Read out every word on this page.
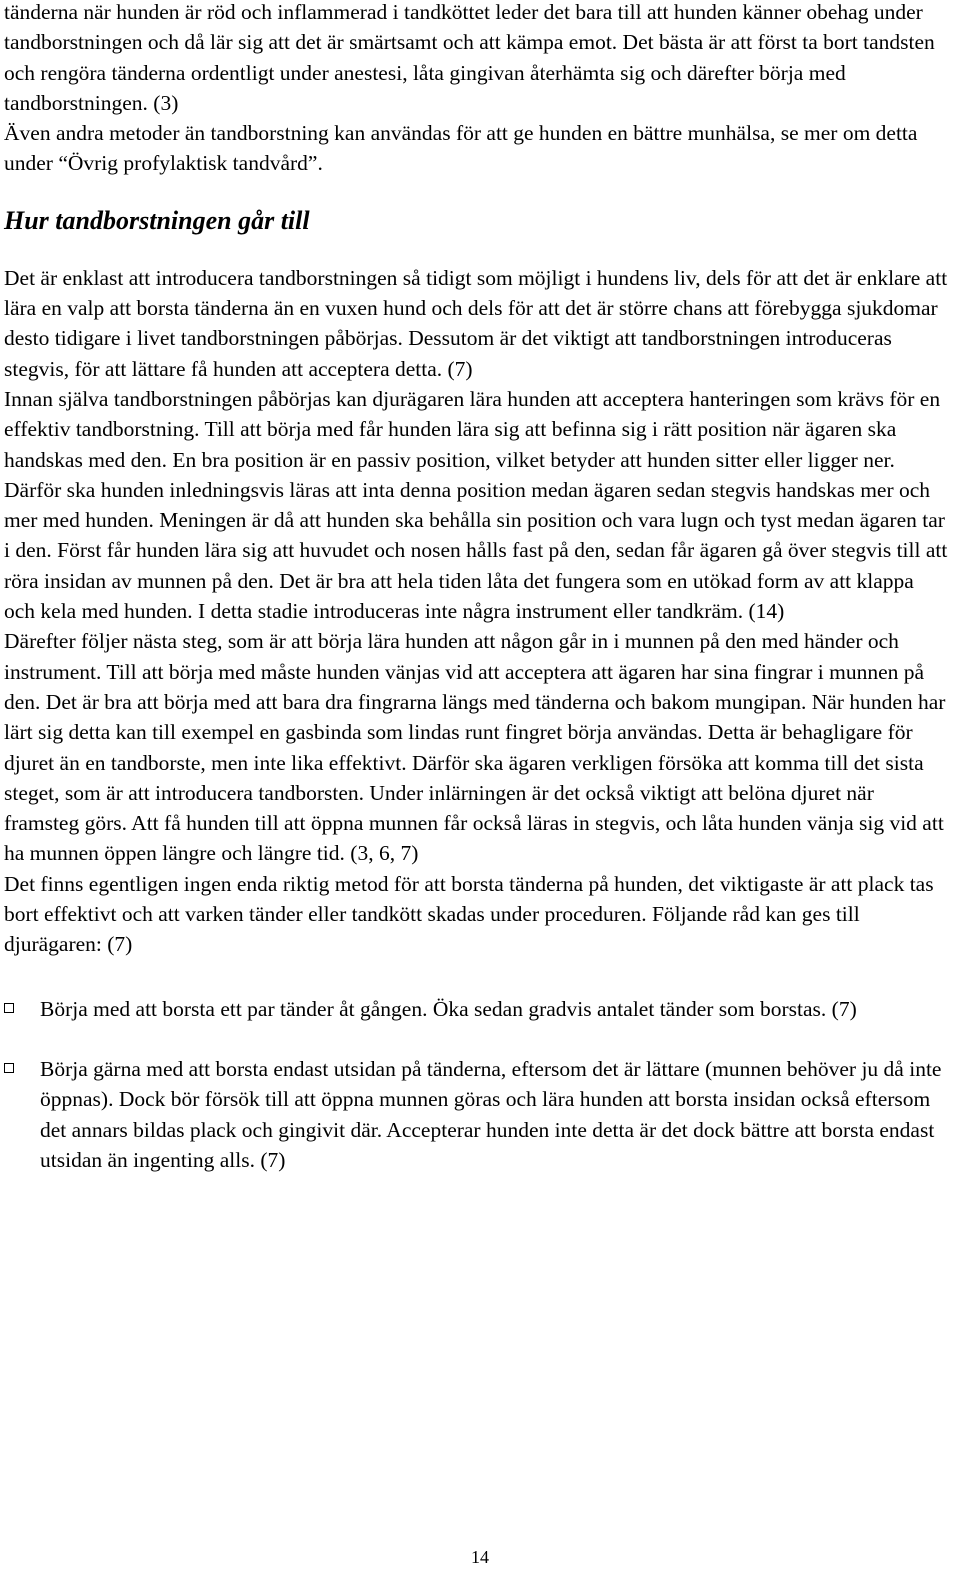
tänderna när hunden är röd och inflammerad i tandköttet leder det bara till att hunden känner obehag under tandborstningen och då lär sig att det är smärtsamt och att kämpa emot. Det bästa är att först ta bort tandsten och rengöra tänderna ordentligt under anestesi, låta gingivan återhämta sig och därefter börja med tandborstningen. (3)

Även andra metoder än tandborstning kan användas för att ge hunden en bättre munhälsa, se mer om detta under “Övrig profylaktisk tandvård”.

Hur tandborstningen går till

Det är enklast att introducera tandborstningen så tidigt som möjligt i hundens liv, dels för att det är enklare att lära en valp att borsta tänderna än en vuxen hund och dels för att det är större chans att förebygga sjukdomar desto tidigare i livet tandborstningen påbörjas. Dessutom är det viktigt att tandborstningen introduceras stegvis, för att lättare få hunden att acceptera detta. (7)

Innan själva tandborstningen påbörjas kan djurägaren lära hunden att acceptera hanteringen som krävs för en effektiv tandborstning. Till att börja med får hunden lära sig att befinna sig i rätt position när ägaren ska handskas med den. En bra position är en passiv position, vilket betyder att hunden sitter eller ligger ner. Därför ska hunden inledningsvis läras att inta denna position medan ägaren sedan stegvis handskas mer och mer med hunden. Meningen är då att hunden ska behålla sin position och vara lugn och tyst medan ägaren tar i den. Först får hunden lära sig att huvudet och nosen hålls fast på den, sedan får ägaren gå över stegvis till att röra insidan av munnen på den. Det är bra att hela tiden låta det fungera som en utökad form av att klappa och kela med hunden. I detta stadie introduceras inte några instrument eller tandkräm. (14)

Därefter följer nästa steg, som är att börja lära hunden att någon går in i munnen på den med händer och instrument. Till att börja med måste hunden vänjas vid att acceptera att ägaren har sina fingrar i munnen på den. Det är bra att börja med att bara dra fingrarna längs med tänderna och bakom mungipan. När hunden har lärt sig detta kan till exempel en gasbinda som lindas runt fingret börja användas. Detta är behagligare för djuret än en tandborste, men inte lika effektivt. Därför ska ägaren verkligen försöka att komma till det sista steget, som är att introducera tandborsten. Under inlärningen är det också viktigt att belöna djuret när framsteg görs. Att få hunden till att öppna munnen får också läras in stegvis, och låta hunden vänja sig vid att ha munnen öppen längre och längre tid. (3, 6, 7)

Det finns egentligen ingen enda riktig metod för att borsta tänderna på hunden, det viktigaste är att plack tas bort effektivt och att varken tänder eller tandkött skadas under proceduren. Följande råd kan ges till djurägaren: (7)

Börja med att borsta ett par tänder åt gången. Öka sedan gradvis antalet tänder som borstas. (7)
Börja gärna med att borsta endast utsidan på tänderna, eftersom det är lättare (munnen behöver ju då inte öppnas). Dock bör försök till att öppna munnen göras och lära hunden att borsta insidan också eftersom det annars bildas plack och gingivit där. Accepterar hunden inte detta är det dock bättre att borsta endast utsidan än ingenting alls. (7)
14
